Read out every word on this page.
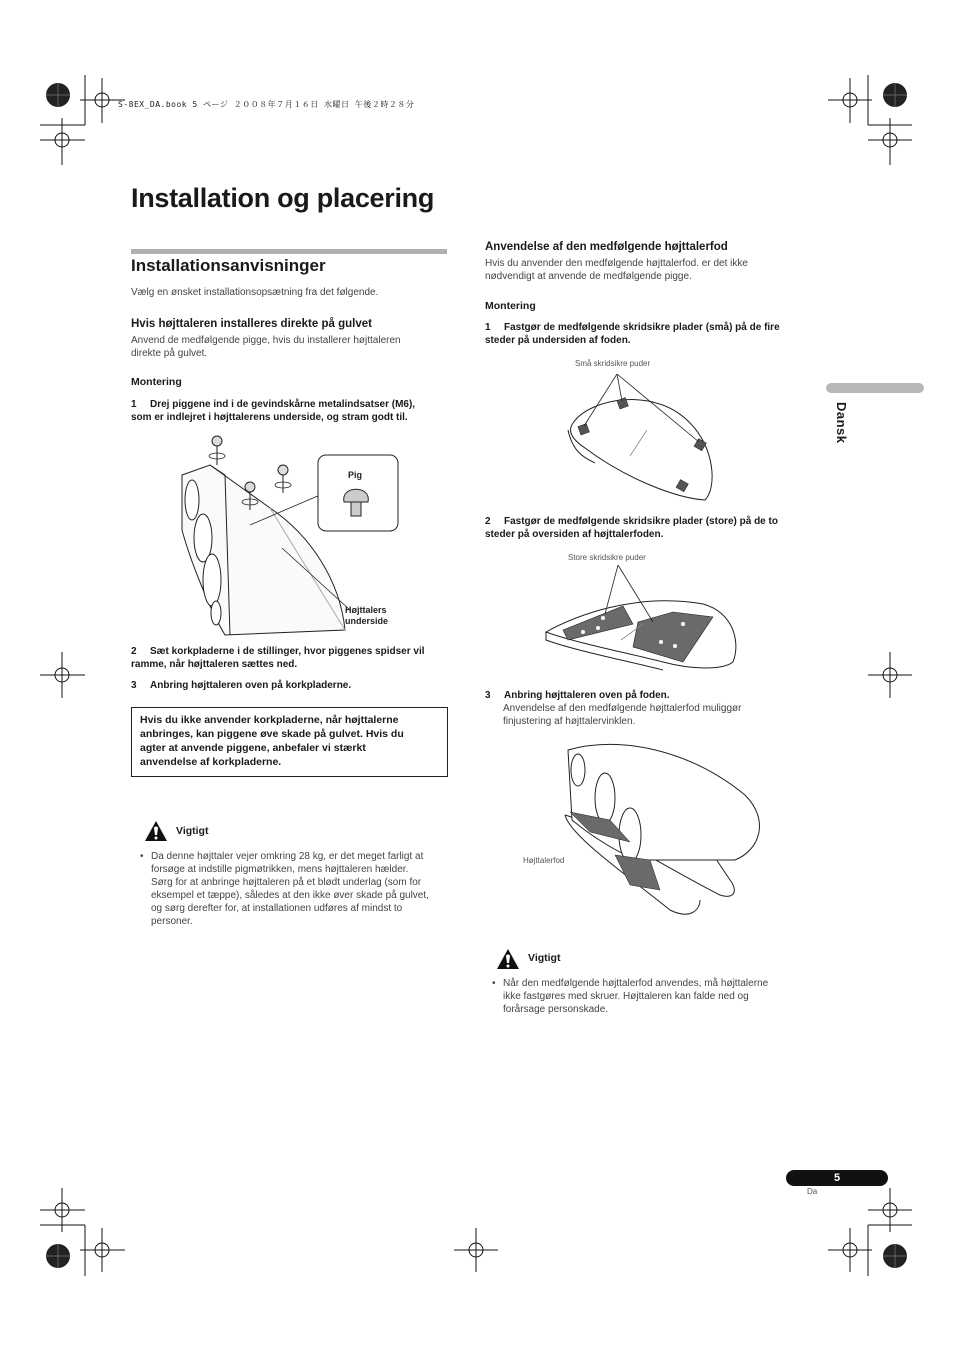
S-8EX_DA.book 5 ページ ２００８年７月１６日 水曜日 午後２時２８分
Installation og placering
Installationsanvisninger

Vælg en ønsket installationsopsætning fra det følgende.

Hvis højttaleren installeres direkte på gulvet
Anvend de medfølgende pigge, hvis du installerer højttaleren
direkte på gulvet.
Montering
1 Drej piggene ind i de gevindskårne metalindsatser (M6),
som er indlejret i højttalerens underside, og stram godt til.
Pig
Højttalers
underside
2 Sæt korkpladerne i de stillinger, hvor piggenes spidser vil
ramme, når højttaleren sættes ned.
3 Anbring højttaleren oven på korkpladerne.
Hvis du ikke anvender korkpladerne, når højttalerne
anbringes, kan piggene øve skade på gulvet. Hvis du
agter at anvende piggene, anbefaler vi stærkt
anvendelse af korkpladerne.
Vigtigt
• Da denne højttaler vejer omkring 28 kg, er det meget farligt at
forsøge at indstille pigmøtrikken, mens højttaleren hælder.
Sørg for at anbringe højttaleren på et blødt underlag (som for
eksempel et tæppe), således at den ikke øver skade på gulvet,
og sørg derefter for, at installationen udføres af mindst to
personer.
Anvendelse af den medfølgende højttalerfod
Hvis du anvender den medfølgende højttalerfod. er det ikke
nødvendigt at anvende de medfølgende pigge.
Montering
1 Fastgør de medfølgende skridsikre plader (små) på de fire
steder på undersiden af foden.
Små skridsikre puder
2 Fastgør de medfølgende skridsikre plader (store) på de to
steder på oversiden af højttalerfoden.
Store skridsikre puder
3 Anbring højttaleren oven på foden.
Anvendelse af den medfølgende højttalerfod muliggør
finjustering af højttalervinklen.
Højttalerfod
Vigtigt
• Når den medfølgende højttalerfod anvendes, må højttalerne
ikke fastgøres med skruer. Højttaleren kan falde ned og
forårsage personskade.
Dansk
5
Da
